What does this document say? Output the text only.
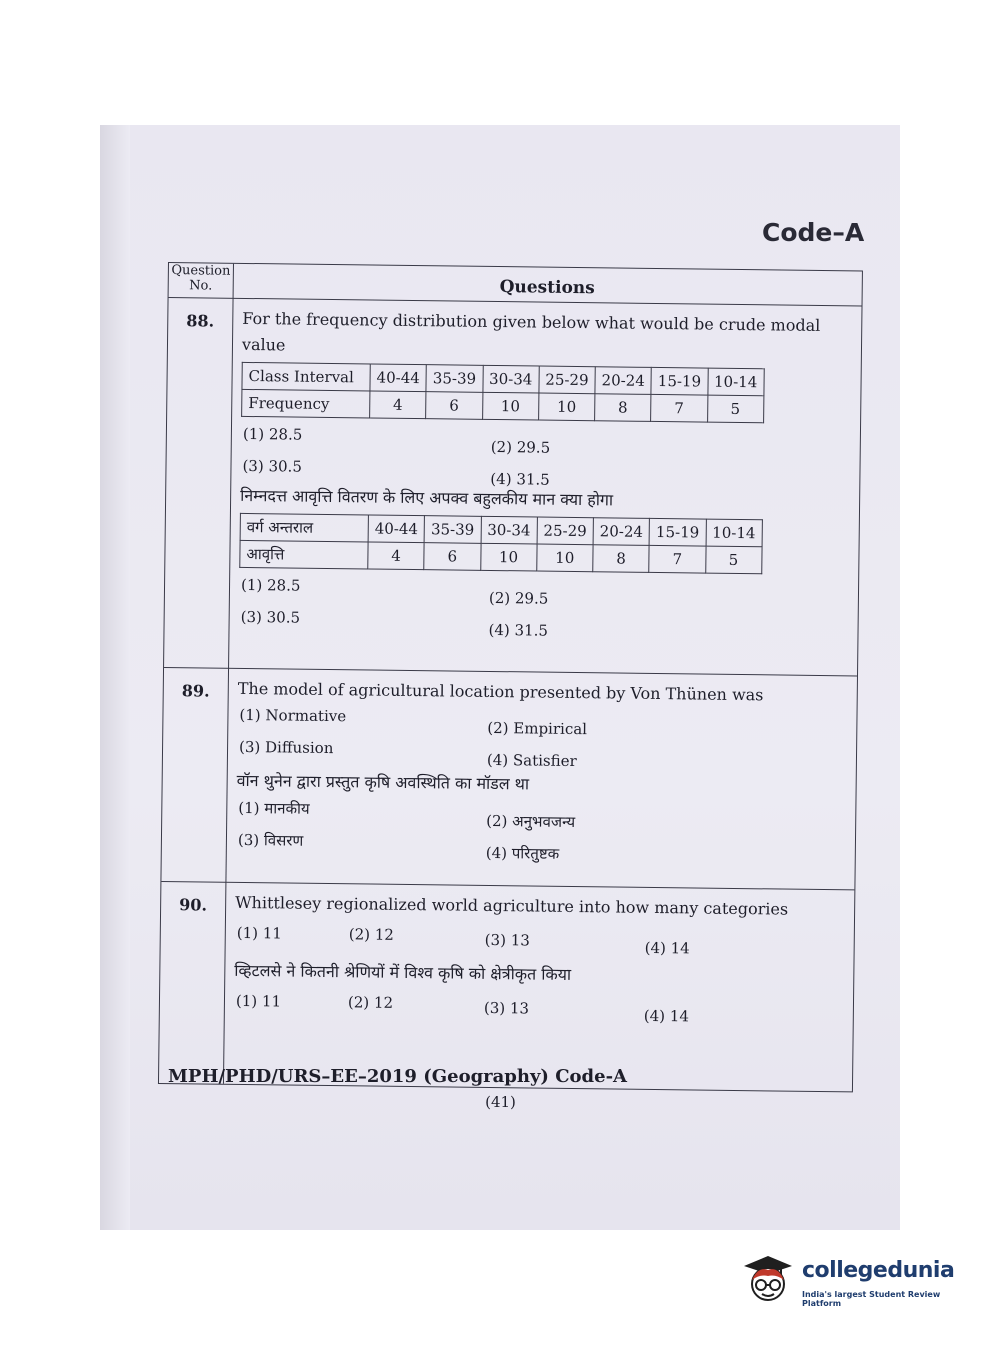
Code–A
Question No.	Questions
88. For the frequency distribution given below what would be crude modal value
Class Interval	40-44	35-39	30-34	25-29	20-24	15-19	10-14
Frequency	4	6	10	10	8	7	5
(1) 28.5
(2) 29.5
(3) 30.5
(4) 31.5
निम्नदत्त आवृत्ति वितरण के लिए अपक्व बहुलकीय मान क्या होगा
वर्ग अन्तराल	40-44	35-39	30-34	25-29	20-24	15-19	10-14
आवृत्ति	4	6	10	10	8	7	5
(1) 28.5
(2) 29.5
(3) 30.5
(4) 31.5
89. The model of agricultural location presented by Von Thünen was
(1) Normative
(2) Empirical
(3) Diffusion
(4) Satisfier
वॉन थुनेन द्वारा प्रस्तुत कृषि अवस्थिति का मॉडल था
(1) मानकीय
(2) अनुभवजन्य
(3) विसरण
(4) परितुष्टक
90. Whittlesey regionalized world agriculture into how many categories
(1) 11	(2) 12	(3) 13	(4) 14
व्हिटलसे ने कितनी श्रेणियों में विश्व कृषि को क्षेत्रीकृत किया
(1) 11	(2) 12	(3) 13	(4) 14
MPH/PHD/URS–EE–2019 (Geography) Code-A
(41)
collegedunia
India's largest Student Review Platform
